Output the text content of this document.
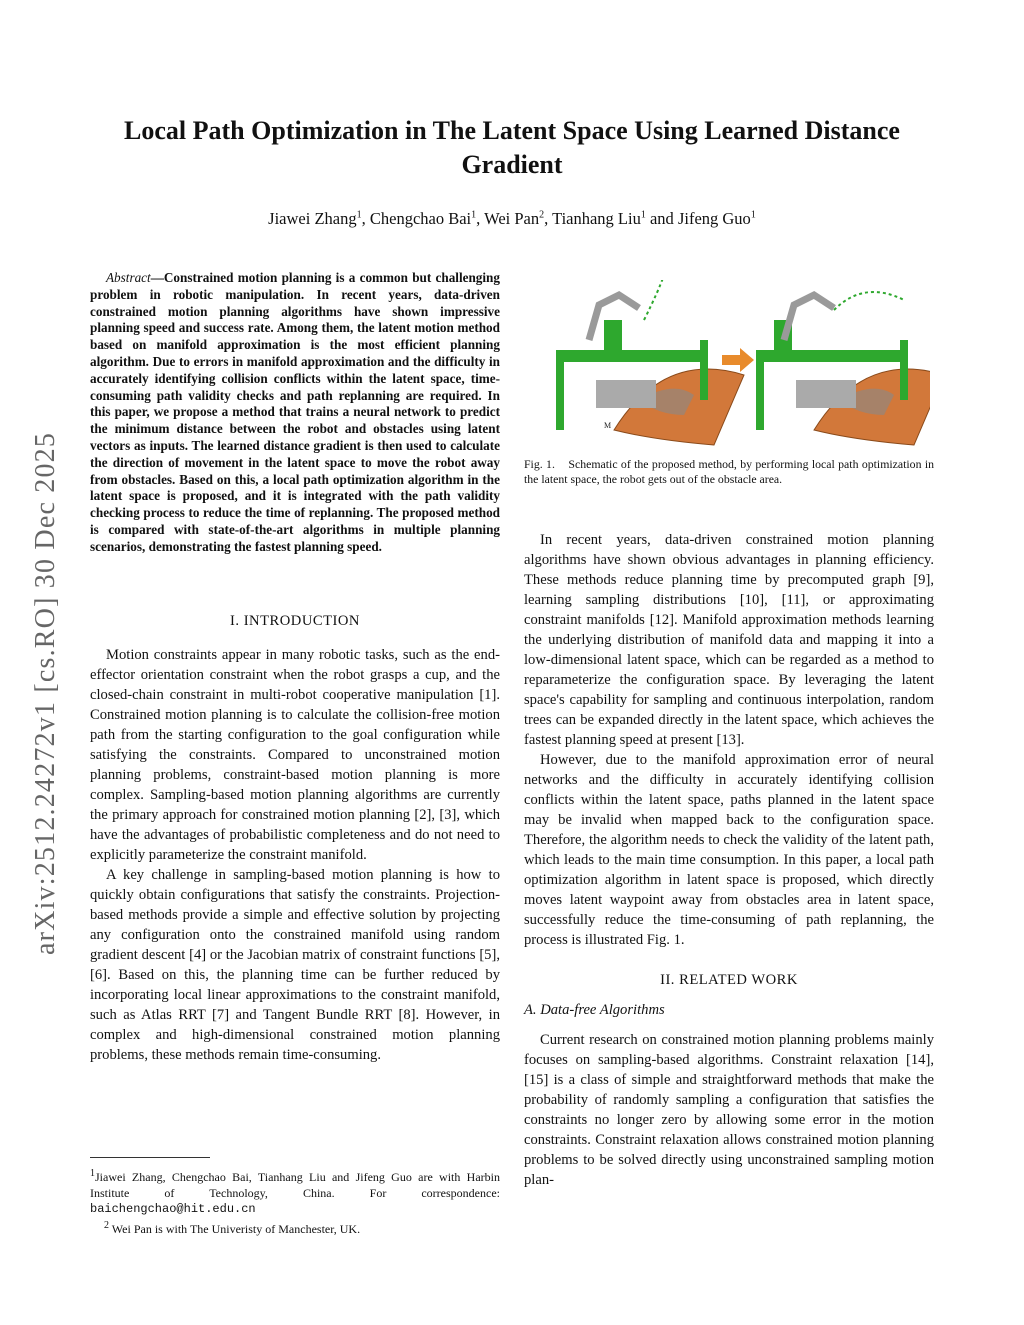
arXiv:2512.24272v1 [cs.RO] 30 Dec 2025
Local Path Optimization in The Latent Space Using Learned Distance Gradient
Jiawei Zhang$^1$, Chengchao Bai$^1$, Wei Pan$^2$, Tianhang Liu$^1$ and Jifeng Guo$^1$
Abstract—Constrained motion planning is a common but challenging problem in robotic manipulation. In recent years, data-driven constrained motion planning algorithms have shown impressive planning speed and success rate. Among them, the latent motion method based on manifold approximation is the most efficient planning algorithm. Due to errors in manifold approximation and the difficulty in accurately identifying collision conflicts within the latent space, time-consuming path validity checks and path replanning are required. In this paper, we propose a method that trains a neural network to predict the minimum distance between the robot and obstacles using latent vectors as inputs. The learned distance gradient is then used to calculate the direction of movement in the latent space to move the robot away from obstacles. Based on this, a local path optimization algorithm in the latent space is proposed, and it is integrated with the path validity checking process to reduce the time of replanning. The proposed method is compared with state-of-the-art algorithms in multiple planning scenarios, demonstrating the fastest planning speed.
I. INTRODUCTION

Motion constraints appear in many robotic tasks, such as the end-effector orientation constraint when the robot grasps a cup, and the closed-chain constraint in multi-robot cooperative manipulation [1]. Constrained motion planning is to calculate the collision-free motion path from the starting configuration to the goal configuration while satisfying the constraints. Compared to unconstrained motion planning problems, constraint-based motion planning is more complex. Sampling-based motion planning algorithms are currently the primary approach for constrained motion planning [2], [3], which have the advantages of probabilistic completeness and do not need to explicitly parameterize the constraint manifold.

A key challenge in sampling-based motion planning is how to quickly obtain configurations that satisfy the constraints. Projection-based methods provide a simple and effective solution by projecting any configuration onto the constrained manifold using random gradient descent [4] or the Jacobian matrix of constraint functions [5], [6]. Based on this, the planning time can be further reduced by incorporating local linear approximations to the constraint manifold, such as Atlas RRT [7] and Tangent Bundle RRT [8]. However, in complex and high-dimensional constrained motion planning problems, these methods remain time-consuming.

$^1$Jiawei Zhang, Chengchao Bai, Tianhang Liu and Jifeng Guo are with Harbin Institute of Technology, China. For correspondence: baichengchao@hit.edu.cn
$^2$ Wei Pan is with The Univeristy of Manchester, UK.
M
Fig. 1. Schematic of the proposed method, by performing local path optimization in the latent space, the robot gets out of the obstacle area.

In recent years, data-driven constrained motion planning algorithms have shown obvious advantages in planning efficiency. These methods reduce planning time by precomputed graph [9], learning sampling distributions [10], [11], or approximating constraint manifolds [12]. Manifold approximation methods learning the underlying distribution of manifold data and mapping it into a low-dimensional latent space, which can be regarded as a method to reparameterize the configuration space. By leveraging the latent space's capability for sampling and continuous interpolation, random trees can be expanded directly in the latent space, which achieves the fastest planning speed at present [13].

However, due to the manifold approximation error of neural networks and the difficulty in accurately identifying collision conflicts within the latent space, paths planned in the latent space may be invalid when mapped back to the configuration space. Therefore, the algorithm needs to check the validity of the latent path, which leads to the main time consumption. In this paper, a local path optimization algorithm in latent space is proposed, which directly moves latent waypoint away from obstacles area in latent space, successfully reduce the time-consuming of path replanning, the process is illustrated Fig. 1.

II. RELATED WORK
A. Data-free Algorithms

Current research on constrained motion planning problems mainly focuses on sampling-based algorithms. Constraint relaxation [14], [15] is a class of simple and straightforward methods that make the probability of randomly sampling a configuration that satisfies the constraints no longer zero by allowing some error in the motion constraints. Constraint relaxation allows constrained motion planning problems to be solved directly using unconstrained sampling motion plan-
